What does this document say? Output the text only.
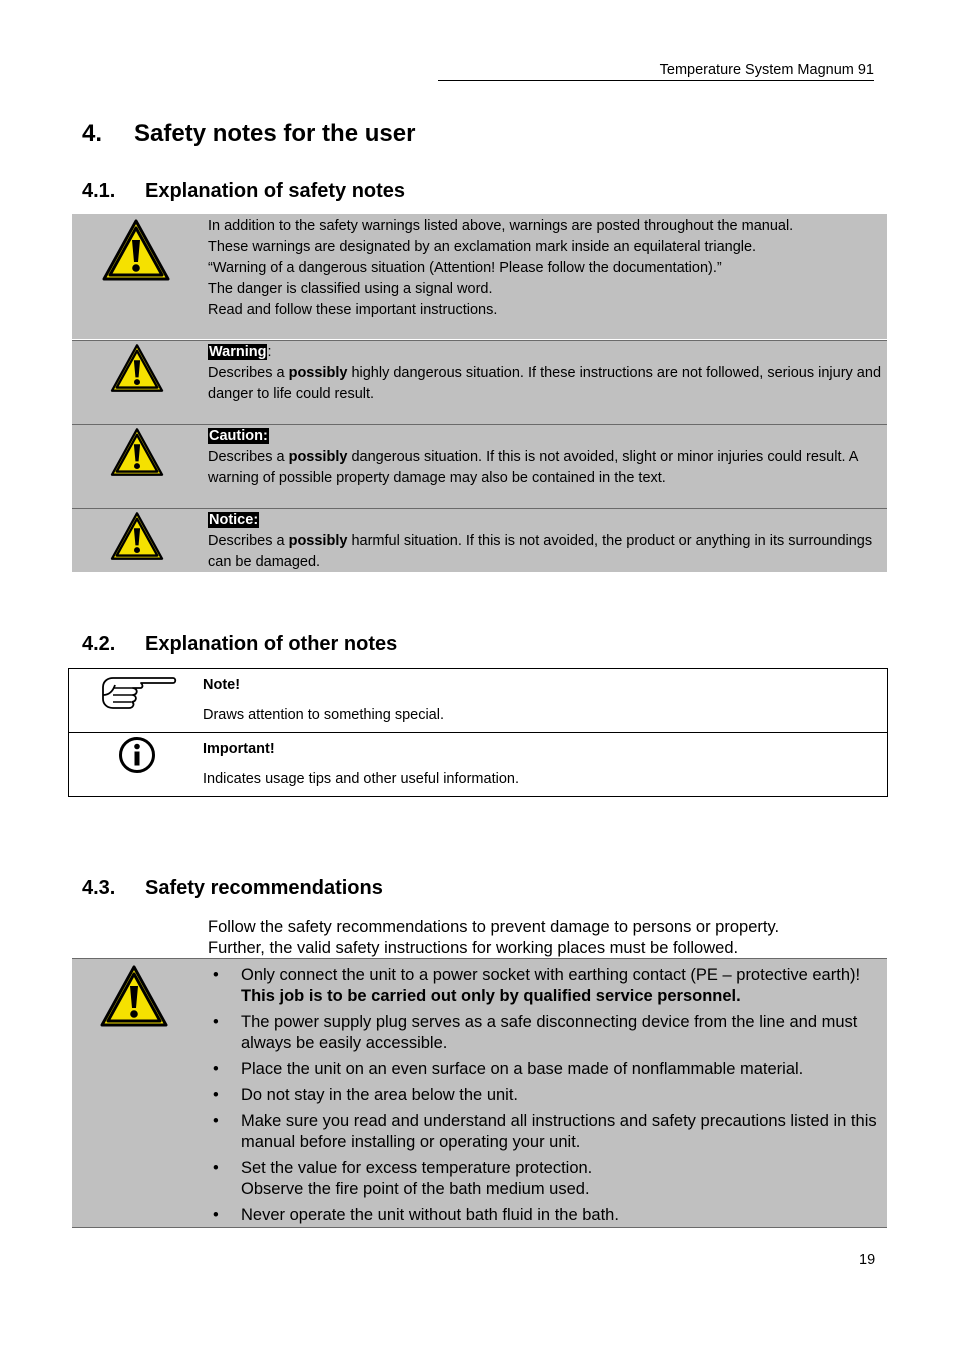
Temperature System Magnum 91
4. Safety notes for the user
4.1. Explanation of safety notes

In addition to the safety warnings listed above, warnings are posted throughout the manual.

These warnings are designated by an exclamation mark inside an equilateral triangle.

“Warning of a dangerous situation (Attention! Please follow the documentation).”

The danger is classified using a signal word.

Read and follow these important instructions.

Warning:

Describes a possibly highly dangerous situation. If these instructions are not followed, serious injury and danger to life could result.

Caution:

Describes a possibly dangerous situation. If this is not avoided, slight or minor injuries could result. A warning of possible property damage may also be contained in the text.

Notice:

Describes a possibly harmful situation. If this is not avoided, the product or anything in its surroundings can be damaged.

4.2. Explanation of other notes
Note!
Draws attention to something special.
Important!
Indicates usage tips and other useful information.
4.3. Safety recommendations

Follow the safety recommendations to prevent damage to persons or property.

Further, the valid safety instructions for working places must be followed.

• Only connect the unit to a power socket with earthing contact (PE – protective earth)! This job is to be carried out only by qualified service personnel.
• The power supply plug serves as a safe disconnecting device from the line and must always be easily accessible.
• Place the unit on an even surface on a base made of nonflammable material.
• Do not stay in the area below the unit.
• Make sure you read and understand all instructions and safety precautions listed in this manual before installing or operating your unit.
• Set the value for excess temperature protection.
Observe the fire point of the bath medium used.
• Never operate the unit without bath fluid in the bath.
19
